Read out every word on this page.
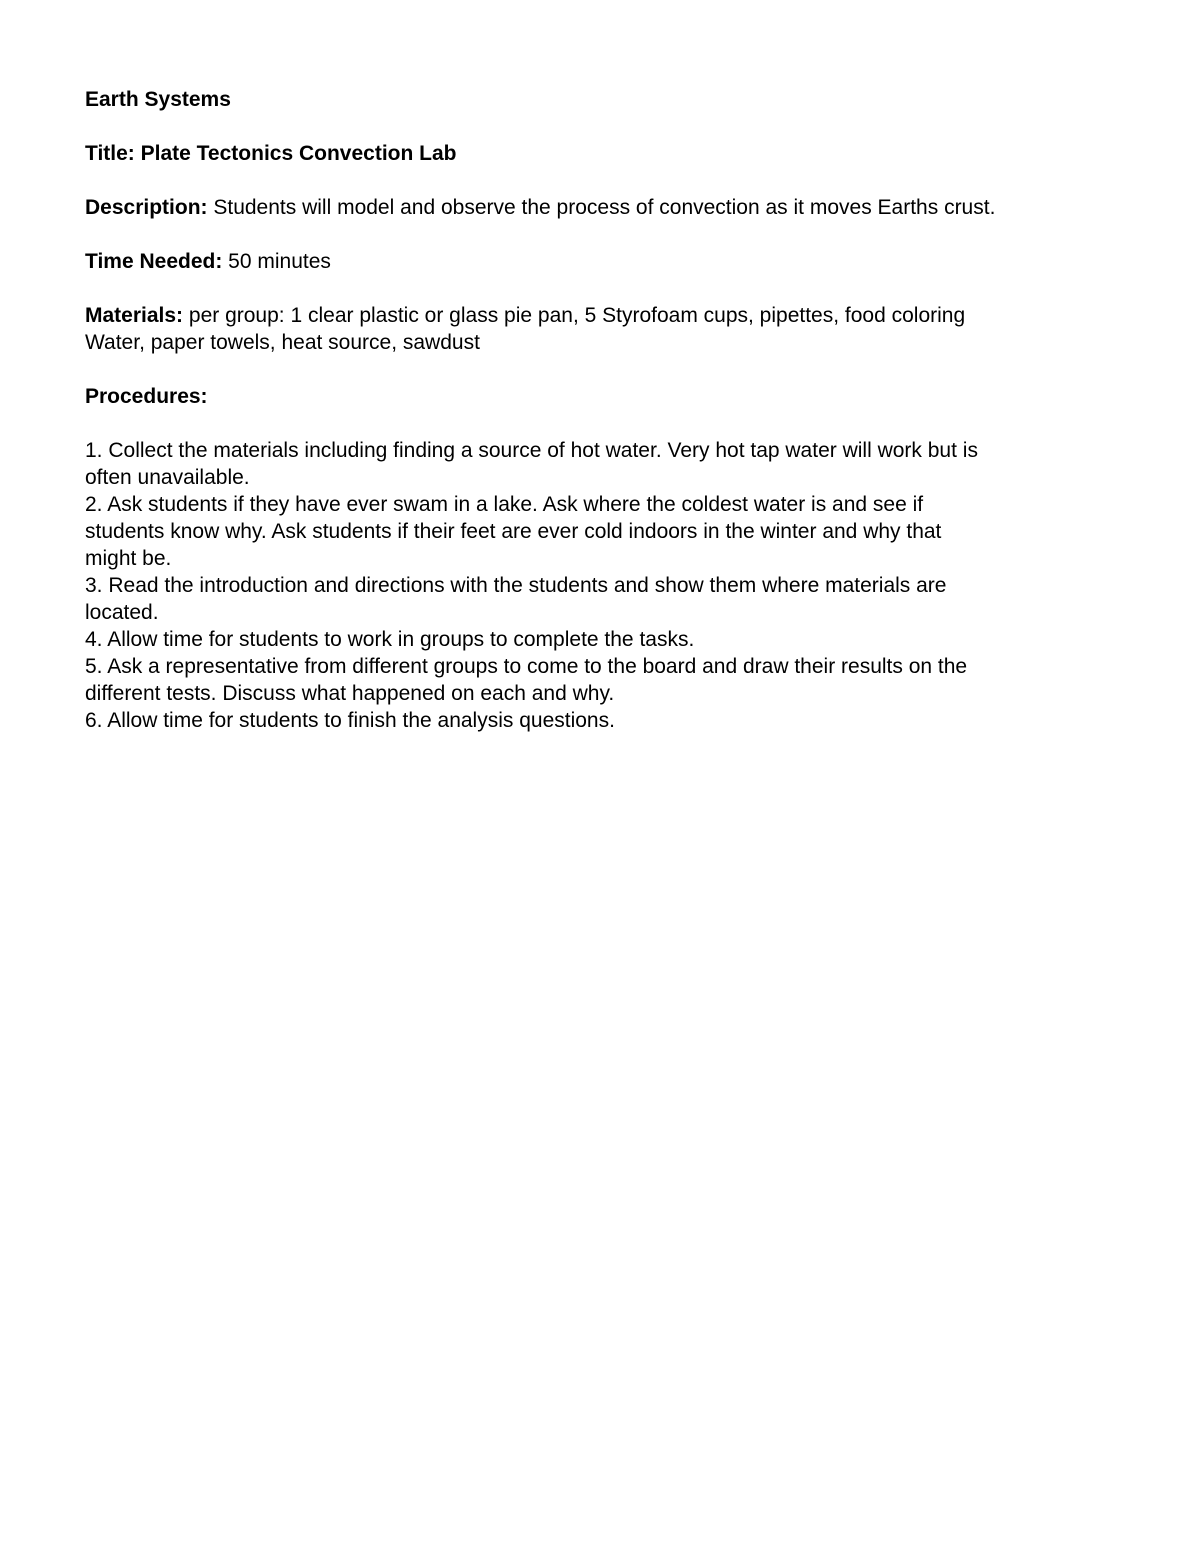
Earth Systems

Title: Plate Tectonics Convection Lab

Description: Students will model and observe the process of convection as it moves Earths crust.

Time Needed: 50 minutes

Materials: per group: 1 clear plastic or glass pie pan, 5 Styrofoam cups, pipettes, food coloring

Water, paper towels, heat source, sawdust

Procedures:

1. Collect the materials including finding a source of hot water. Very hot tap water will work but is

often unavailable.

2. Ask students if they have ever swam in a lake. Ask where the coldest water is and see if

students know why. Ask students if their feet are ever cold indoors in the winter and why that

might be.

3. Read the introduction and directions with the students and show them where materials are

located.

4. Allow time for students to work in groups to complete the tasks.

5. Ask a representative from different groups to come to the board and draw their results on the

different tests. Discuss what happened on each and why.

6. Allow time for students to finish the analysis questions.
